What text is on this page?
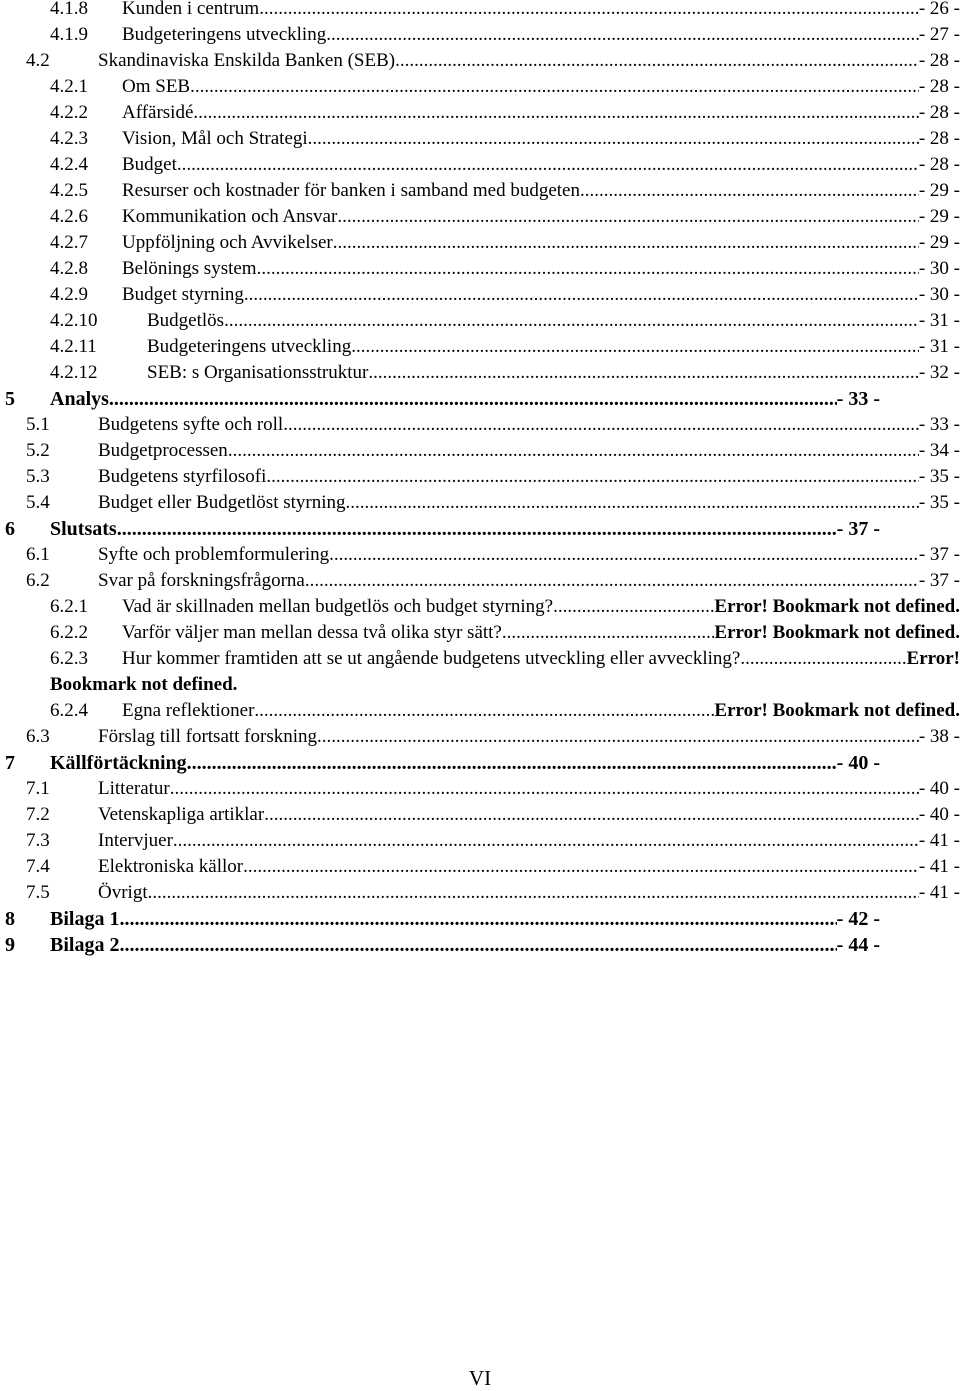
4.1.8 Kunden i centrum .....	- 26 -
4.1.9 Budgeteringens utveckling .....	- 27 -
4.2	Skandinaviska Enskilda Banken (SEB) .....	- 28 -
4.2.1 Om SEB .....	- 28 -
4.2.2 Affärsidé .....	- 28 -
4.2.3 Vision, Mål och Strategi .....	- 28 -
4.2.4 Budget .....	- 28 -
4.2.5 Resurser och kostnader för banken i samband med budgeten .....	- 29 -
4.2.6 Kommunikation och Ansvar .....	- 29 -
4.2.7 Uppföljning och Avvikelser .....	- 29 -
4.2.8 Belönings system .....	- 30 -
4.2.9 Budget styrning .....	- 30 -
4.2.10	Budgetlös .....	- 31 -
4.2.11	Budgeteringens utveckling .....	- 31 -
4.2.12	SEB: s Organisationsstruktur .....	- 32 -
5 Analys .....	- 33 -
5.1	Budgetens syfte och roll .....	- 33 -
5.2	Budgetprocessen .....	- 34 -
5.3	Budgetens styrfilosofi .....	- 35 -
5.4	Budget eller Budgetlöst styrning .....	- 35 -
6 Slutsats .....	- 37 -
6.1	Syfte och problemformulering .....	- 37 -
6.2	Svar på forskningsfrågorna .....	- 37 -
6.2.1 Vad är skillnaden mellan budgetlös och budget styrning? .....	Error! Bookmark not defined.
6.2.2 Varför väljer man mellan dessa två olika styr sätt? .....	Error! Bookmark not defined.
6.2.3 Hur kommer framtiden att se ut angående budgetens utveckling eller avveckling? .....	Error!
Bookmark not defined.
6.2.4 Egna reflektioner .....	Error! Bookmark not defined.
6.3	Förslag till fortsatt forskning .....	- 38 -
7 Källförtäckning .....	- 40 -
7.1	Litteratur .....	- 40 -
7.2	Vetenskapliga artiklar .....	- 40 -
7.3	Intervjuer .....	- 41 -
7.4	Elektroniska källor .....	- 41 -
7.5	Övrigt .....	- 41 -
8 Bilaga 1 .....	- 42 -
9 Bilaga 2 .....	- 44 -
VI
